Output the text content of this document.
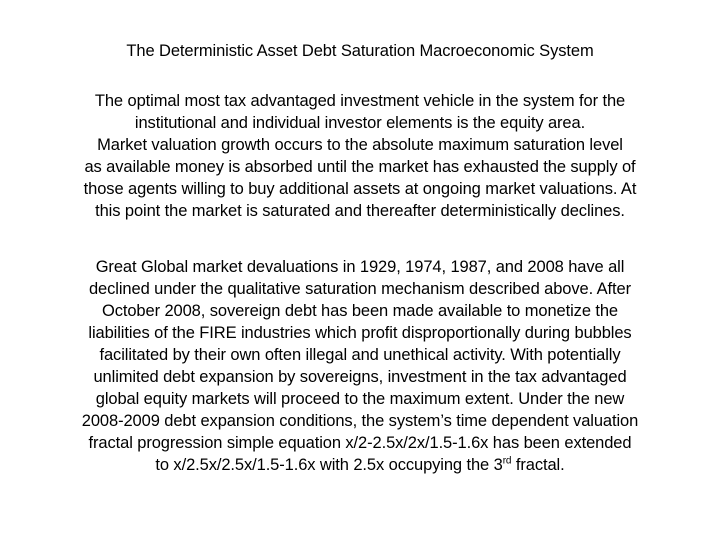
The Deterministic Asset Debt Saturation Macroeconomic System
The optimal most tax advantaged investment vehicle in the system for the
institutional and individual investor elements is the equity area.
Market valuation growth occurs to the absolute maximum saturation level
as available money is absorbed until the market has exhausted the supply of
those agents willing to buy additional assets at ongoing market valuations. At
this point the market is saturated and thereafter deterministically declines.
Great Global market devaluations in 1929, 1974, 1987, and 2008 have all
declined under the qualitative saturation mechanism described above. After
October 2008, sovereign debt has been made available to monetize the
liabilities of the FIRE industries which profit disproportionally during bubbles
facilitated by their own often illegal and unethical activity. With potentially
unlimited debt expansion by sovereigns, investment in the tax advantaged
global equity markets will proceed to the maximum extent. Under the new
2008-2009 debt expansion conditions, the system’s time dependent valuation
fractal progression simple equation x/2-2.5x/2x/1.5-1.6x has been extended
to x/2.5x/2.5x/1.5-1.6x with 2.5x occupying the 3rd fractal.
